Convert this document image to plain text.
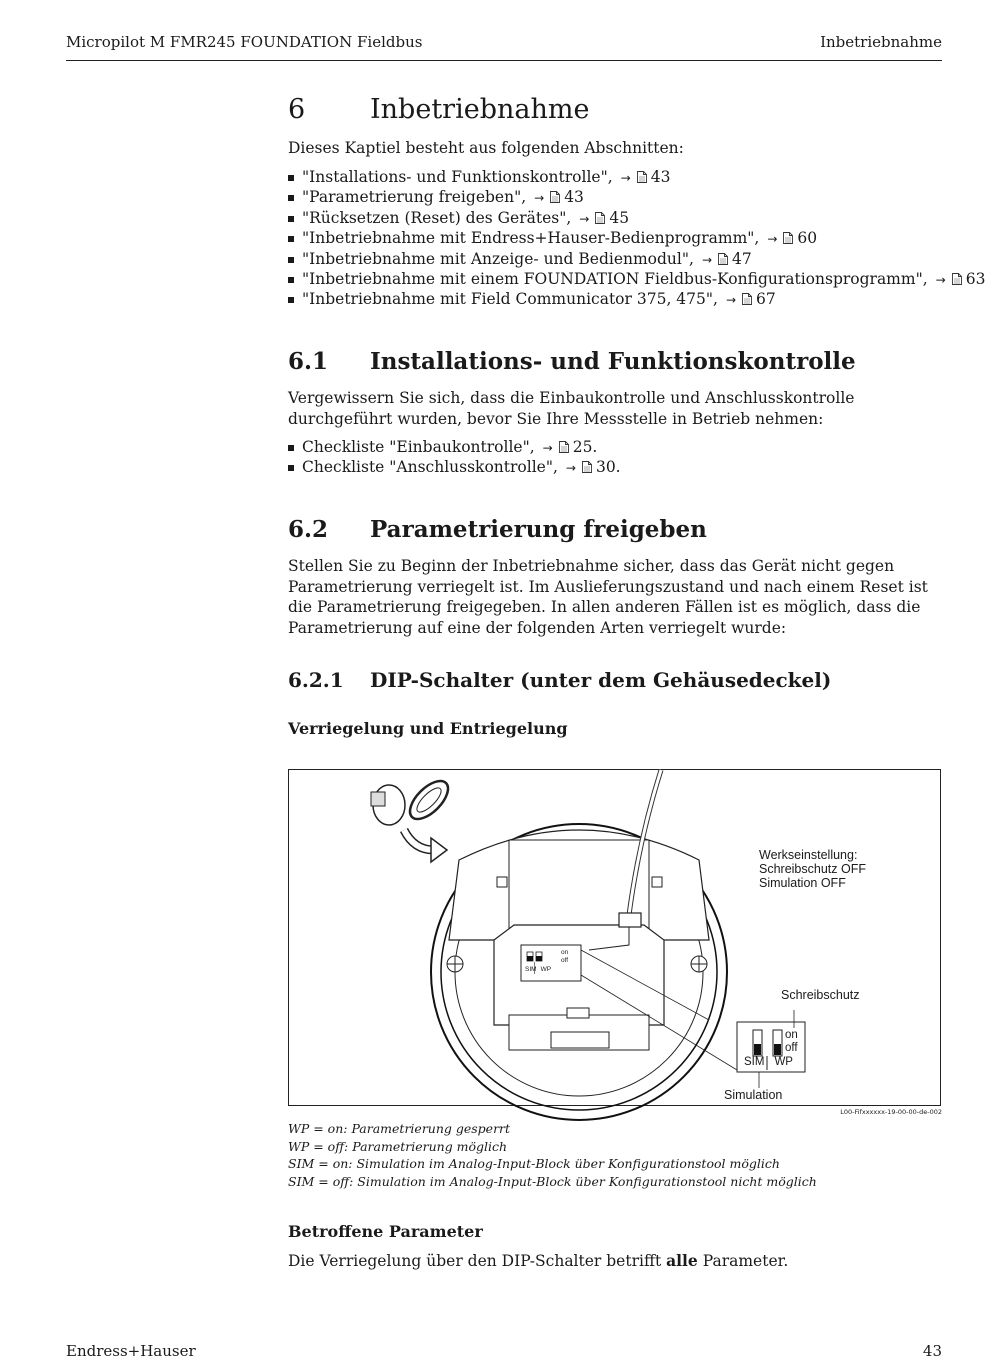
Micropilot M FMR245 FOUNDATION Fieldbus	Inbetriebnahme
6 Inbetriebnahme

Dieses Kaptiel besteht aus folgenden Abschnitten:

"Installations- und Funktionskontrolle", → 43
"Parametrierung freigeben", → 43
"Rücksetzen (Reset) des Gerätes", → 45
"Inbetriebnahme mit Endress+Hauser-Bedienprogramm", → 60
"Inbetriebnahme mit Anzeige- und Bedienmodul", → 47
"Inbetriebnahme mit einem FOUNDATION Fieldbus-Konfigurationsprogramm", → 63
"Inbetriebnahme mit Field Communicator 375, 475", → 67
6.1 Installations- und Funktionskontrolle

Vergewissern Sie sich, dass die Einbaukontrolle und Anschlusskontrolle durchgeführt wurden, bevor Sie Ihre Messstelle in Betrieb nehmen:

Checkliste "Einbaukontrolle", → 25.
Checkliste "Anschlusskontrolle", → 30.
6.2 Parametrierung freigeben

Stellen Sie zu Beginn der Inbetriebnahme sicher, dass das Gerät nicht gegen Parametrierung verriegelt ist. Im Auslieferungszustand und nach einem Reset ist die Parametrierung freigegeben. In allen anderen Fällen ist es möglich, dass die Parametrierung auf eine der folgenden Arten verriegelt wurde:

6.2.1 DIP-Schalter (unter dem Gehäusedeckel)
Verriegelung und Entriegelung
Betroffene Parameter

Die Verriegelung über den DIP-Schalter betrifft alle Parameter.

Werkseinstellung:
Schreibschutz OFF
Simulation OFF
Schreibschutz
Simulation
on
off
SIM WP
on
off
SIM WP
L00-Fifxxxxxx-19-00-00-de-002
WP = on: Parametrierung gesperrt
WP = off: Parametrierung möglich
SIM = on: Simulation im Analog-Input-Block über Konfigurationstool möglich
SIM = off: Simulation im Analog-Input-Block über Konfigurationstool nicht möglich
Endress+Hauser	43
